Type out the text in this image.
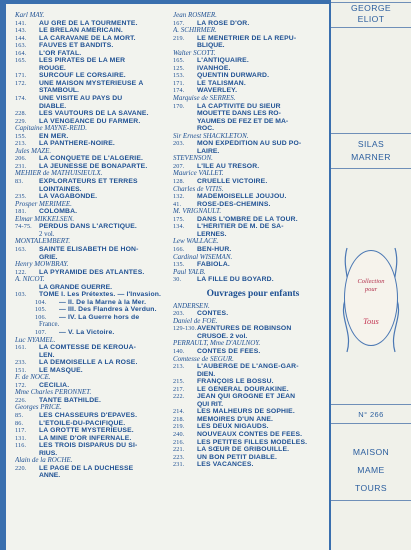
Karl MAY.
141. AU GRÉ DE LA TOURMENTE.
143. LE BRELAN AMÉRICAIN.
144. LA CARAVANE DE LA MORT.
163. FAUVES ET BANDITS.
164. L'OR FATAL.
165. LES PIRATES DE LA MER
ROUGE.
171. SURCOUF LE CORSAIRE.
172. UNE MAISON MYSTÉRIEUSE À
STAMBOUL.
174. UNE VISITE AU PAYS DU
DIABLE.
228. LES VAUTOURS DE LA SAVANE.
229. LA VENGEANCE DU FARMER.
Capitaine MAYNE-REID.
155. EN MER.
213. LA PANTHÈRE-NOIRE.
Jules MAZÉ.
206. LA CONQUÊTE DE L'ALGÉRIE.
231. LA JEUNESSE DE BONAPARTE.
MÉHIER de MATHUISIEULX.
83. EXPLORATEURS ET TERRES
LOINTAINES.
235. LA VAGABONDE.
Prosper MÉRIMÉE.
181. COLOMBA.
Elmar MIKKELSEN.
74-75. PERDUS DANS L'ARCTIQUE.
2 vol.
MONTALEMBERT.
163. SAINTE ÉLISABETH DE HON-
GRIE.
Henry MOWBRAY.
122. LA PYRAMIDE DES ATLANTES.
A. NICOT.
LA GRANDE GUERRE.
103. TOME I. Les Prétextes. — l'Invasion.
104. — II. De la Marne à la Mer.
105. — III. Des Flandres à Verdun.
106. — IV. La Guerre hors de
France.
107. — V. La Victoire.
Luc NYAMEL.
161. LA COMTESSE DE KÉROUA-
LEN.
233. LA DEMOISELLE A LA ROSE.
151. LE MASQUE.
F. de NOCÉ.
172. CÉCILIA.
Mme Charles PÉRONNET.
226. TANTE BATHILDE.
Georges PRICE.
85. LES CHASSEURS D'ÉPAVES.
86. L'ÉTOILE-DU-PACIFIQUE.
117. LA GROTTE MYSTÉRIEUSE.
131. LA MINE D'OR INFERNALE.
116. LES TROIS DISPARUS DU SI-
RIUS.
Alain de la ROCHE.
220. LE PAGE DE LA DUCHESSE
ANNE.
Jean ROSMER.
167. LA ROSE D'OR.
A. SCHIRMER.
219. LE MÉNÉTRIER DE LA RÉPU-
BLIQUE.
Walter SCOTT.
165. L'ANTIQUAIRE.
125. IVANHOÉ.
153. QUENTIN DURWARD.
171. LE TALISMAN.
174. WAVERLEY.
Marquise de SERRES.
170. LA CAPTIVITÉ DU SIEUR
MOUETTE DANS LES RO-
YAUMES DE FEZ ET DE MA-
ROC.
Sir Ernest SHACKLETON.
203. MON EXPÉDITION AU SUD PO-
LAIRE.
STEVENSON.
207. L'ÎLE AU TRÉSOR.
Maurice VALLET.
128. CRUELLE VICTOIRE.
Charles de VITIS.
132. MADEMOISELLE JOUJOU.
41. ROSE-DES-CHEMINS.
M. VRIGNAULT.
175. DANS L'OMBRE DE LA TOUR.
134. L'HÉRITIER DE M. DE SA-
LERNES.
Lew WALLACE.
166. BEN-HUR.
Cardinal WISEMAN.
135. FABIOLA.
Paul YALB.
30. LA FILLE DU BOYARD.
Ouvrages pour enfants
ANDERSEN.
203. CONTES.
Daniel de FOÉ.
129-130.AVENTURES DE ROBINSON
CRUSOÉ. 2 vol.
PERRAULT, Mme D'AULNOY.
140. CONTES DE FÉES.
Comtesse de SÉGUR.
213. L'AUBERGE DE L'ANGE-GAR-
DIEN.
215. FRANÇOIS LE BOSSU.
217. LE GÉNÉRAL DOURAKINE.
222. JEAN QUI GROGNE ET JEAN
QUI RIT.
214. LES MALHEURS DE SOPHIE.
218. MÉMOIRES D'UN ÂNE.
219. LES DEUX NIGAUDS.
240. NOUVEAUX CONTES DE FÉES.
216. LES PETITES FILLES MODÈLES.
221. LA SŒUR DE GRIBOUILLE.
223. UN BON PETIT DIABLE.
231. LES VACANCES.
GEORGE
ELIOT
SILAS
MARNER
Collection
pour
Tous
N° 266
MAISON
MAME
TOURS
